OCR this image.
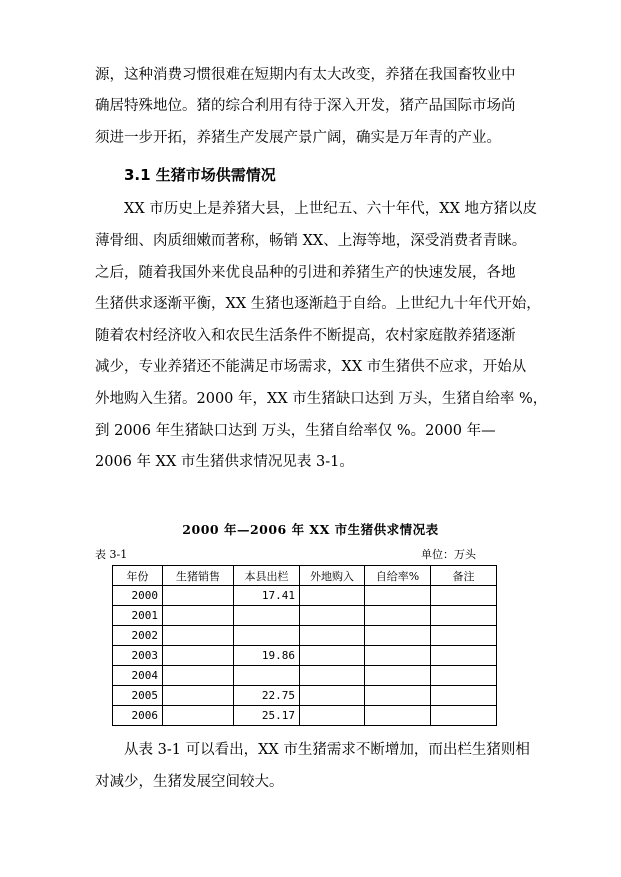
源，这种消费习惯很难在短期内有太大改变，养猪在我国畜牧业中
确居特殊地位。猪的综合利用有待于深入开发，猪产品国际市场尚
须进一步开拓，养猪生产发展产景广阔，确实是万年青的产业。
3.1 生猪市场供需情况
XX 市历史上是养猪大县，上世纪五、六十年代，XX 地方猪以皮
薄骨细、肉质细嫩而著称，畅销 XX、上海等地，深受消费者青睐。
之后，随着我国外来优良品种的引进和养猪生产的快速发展，各地
生猪供求逐渐平衡，XX 生猪也逐渐趋于自给。上世纪九十年代开始，
随着农村经济收入和农民生活条件不断提高，农村家庭散养猪逐渐
减少，专业养猪还不能满足市场需求，XX 市生猪供不应求，开始从
外地购入生猪。2000 年，XX 市生猪缺口达到 万头，生猪自给率 %，
到 2006 年生猪缺口达到 万头，生猪自给率仅 %。2000 年—
2006 年 XX 市生猪供求情况见表 3-1。
2000 年—2006 年 XX 市生猪供求情况表
表 3-1	单位：万头
年份	生猪销售	本县出栏	外地购入	自给率%	备注
2000		17.41			
2001					
2002					
2003		19.86			
2004					
2005		22.75			
2006		25.17			
从表 3-1 可以看出，XX 市生猪需求不断增加，而出栏生猪则相
对减少，生猪发展空间较大。
